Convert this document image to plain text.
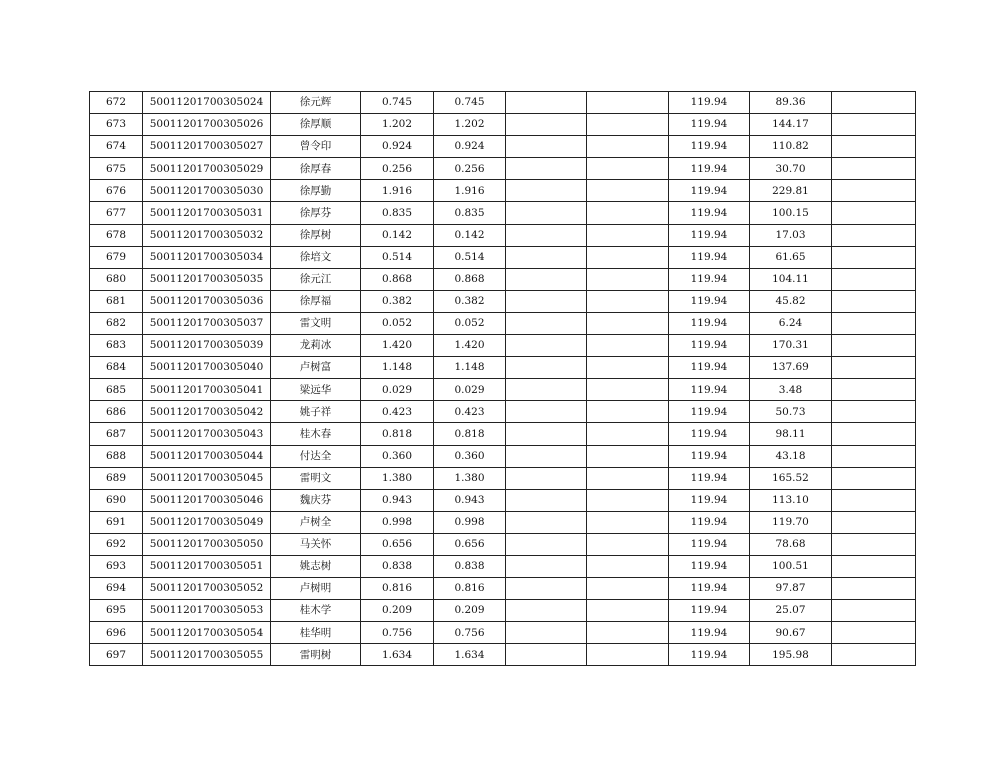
672	50011201700305024	徐元辉	0.745	0.745			119.94	89.36	
673	50011201700305026	徐厚顺	1.202	1.202			119.94	144.17	
674	50011201700305027	曾令印	0.924	0.924			119.94	110.82	
675	50011201700305029	徐厚春	0.256	0.256			119.94	30.70	
676	50011201700305030	徐厚勤	1.916	1.916			119.94	229.81	
677	50011201700305031	徐厚芬	0.835	0.835			119.94	100.15	
678	50011201700305032	徐厚树	0.142	0.142			119.94	17.03	
679	50011201700305034	徐培文	0.514	0.514			119.94	61.65	
680	50011201700305035	徐元江	0.868	0.868			119.94	104.11	
681	50011201700305036	徐厚福	0.382	0.382			119.94	45.82	
682	50011201700305037	雷文明	0.052	0.052			119.94	6.24	
683	50011201700305039	龙莉冰	1.420	1.420			119.94	170.31	
684	50011201700305040	卢树富	1.148	1.148			119.94	137.69	
685	50011201700305041	梁远华	0.029	0.029			119.94	3.48	
686	50011201700305042	姚子祥	0.423	0.423			119.94	50.73	
687	50011201700305043	桂木春	0.818	0.818			119.94	98.11	
688	50011201700305044	付达全	0.360	0.360			119.94	43.18	
689	50011201700305045	雷明文	1.380	1.380			119.94	165.52	
690	50011201700305046	魏庆芬	0.943	0.943			119.94	113.10	
691	50011201700305049	卢树全	0.998	0.998			119.94	119.70	
692	50011201700305050	马关怀	0.656	0.656			119.94	78.68	
693	50011201700305051	姚志树	0.838	0.838			119.94	100.51	
694	50011201700305052	卢树明	0.816	0.816			119.94	97.87	
695	50011201700305053	桂木学	0.209	0.209			119.94	25.07	
696	50011201700305054	桂华明	0.756	0.756			119.94	90.67	
697	50011201700305055	雷明树	1.634	1.634			119.94	195.98	
